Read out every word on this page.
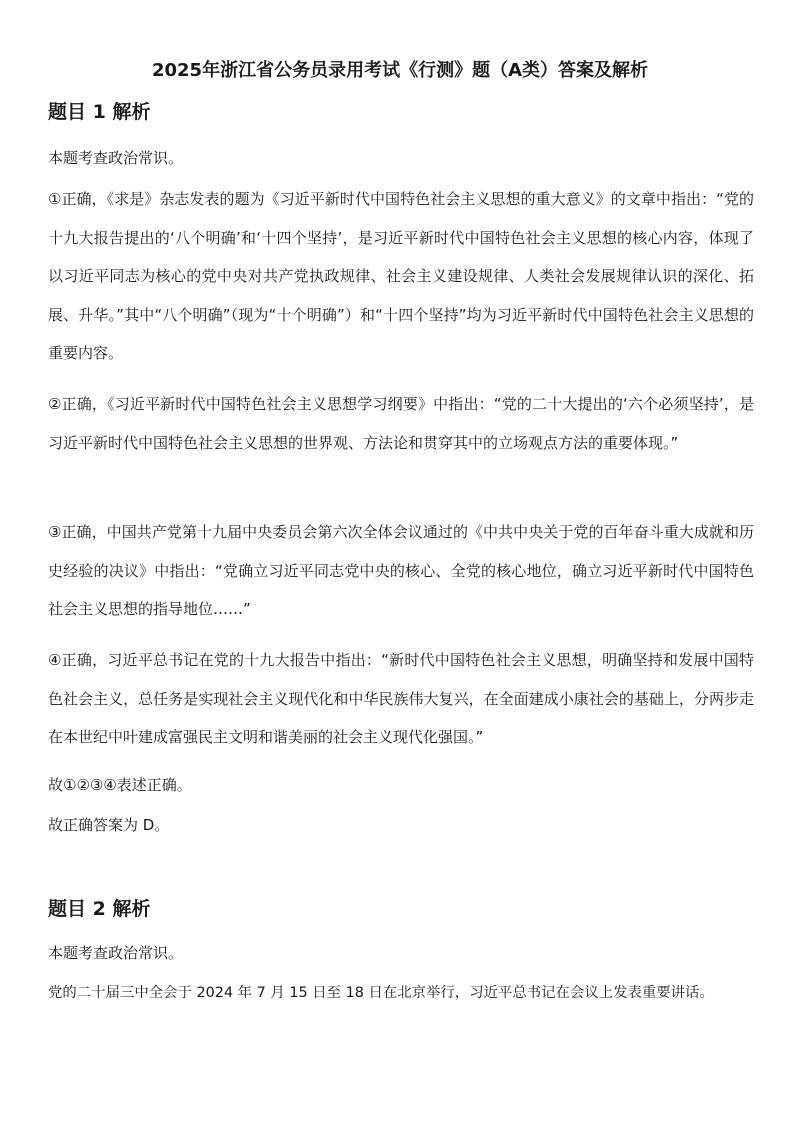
2025年浙江省公务员录用考试《行测》题（A类）答案及解析
题目 1 解析

本题考查政治常识。

①正确，《求是》杂志发表的题为《习近平新时代中国特色社会主义思想的重大意义》的文章中指出：“党的十九大报告提出的‘八个明确’和‘十四个坚持’，是习近平新时代中国特色社会主义思想的核心内容，体现了以习近平同志为核心的党中央对共产党执政规律、社会主义建设规律、人类社会发展规律认识的深化、拓展、升华。”其中“八个明确”（现为“十个明确”）和“十四个坚持”均为习近平新时代中国特色社会主义思想的重要内容。

②正确，《习近平新时代中国特色社会主义思想学习纲要》中指出：“党的二十大提出的‘六个必须坚持’，是习近平新时代中国特色社会主义思想的世界观、方法论和贯穿其中的立场观点方法的重要体现。”

③正确，中国共产党第十九届中央委员会第六次全体会议通过的《中共中央关于党的百年奋斗重大成就和历史经验的决议》中指出：“党确立习近平同志党中央的核心、全党的核心地位，确立习近平新时代中国特色社会主义思想的指导地位……”

④正确，习近平总书记在党的十九大报告中指出：“新时代中国特色社会主义思想，明确坚持和发展中国特色社会主义，总任务是实现社会主义现代化和中华民族伟大复兴，在全面建成小康社会的基础上，分两步走在本世纪中叶建成富强民主文明和谐美丽的社会主义现代化强国。”

故①②③④表述正确。

故正确答案为 D。

题目 2 解析

本题考查政治常识。

党的二十届三中全会于 2024 年 7 月 15 日至 18 日在北京举行，习近平总书记在会议上发表重要讲话。
